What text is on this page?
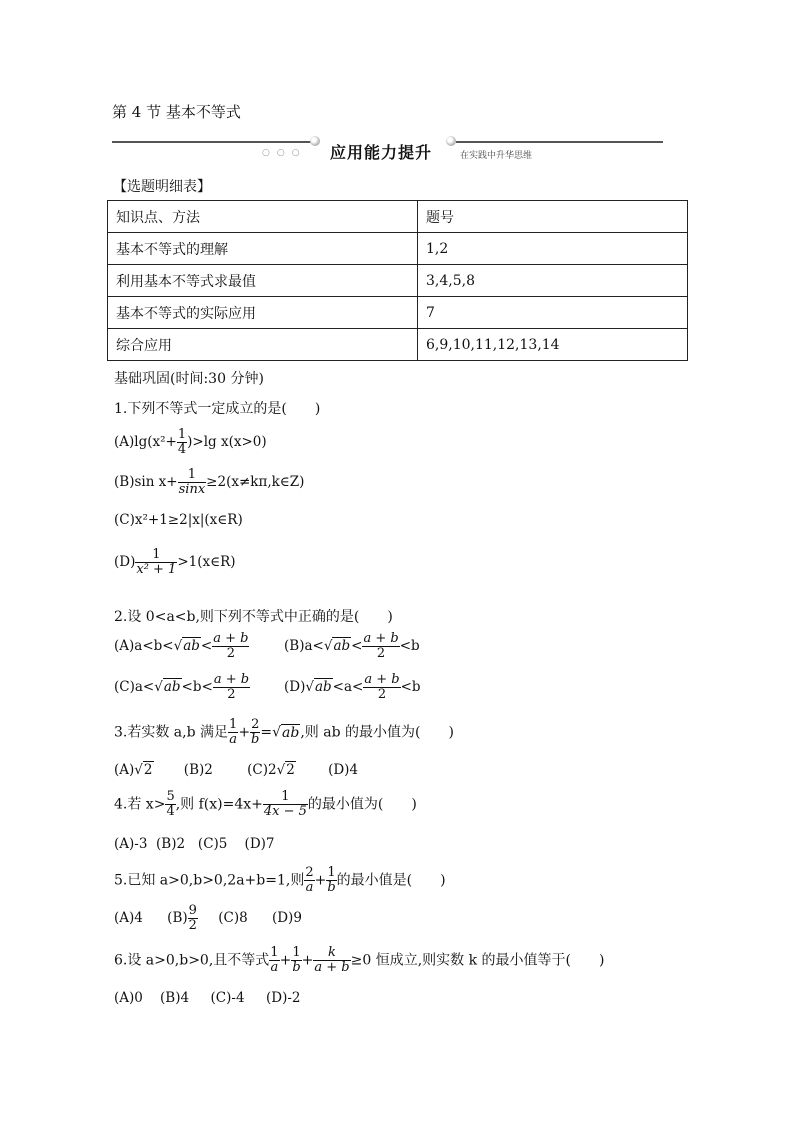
第 4 节 基本不等式
○○○ 应用能力提升	在实践中升华思维
【选题明细表】
知识点、方法	题号
基本不等式的理解	1,2
利用基本不等式求最值	3,4,5,8
基本不等式的实际应用	7
综合应用	6,9,10,11,12,13,14
基础巩固(时间:30 分钟)
1.下列不等式一定成立的是(　　)
$(A)\lg(x^2+ \frac{1}{4} )>\lg$ x(x>0)
(B)sin $x+ \frac{1}{\sin x}$ ≥2(x≠kπ,k∈Z)
(C)x²+1≥2|x|(x∈R)
$(D) \frac{1}{\text{x² + 1}}$ >1(x∈R)
2.设 0<a<b,则下列不等式中正确的是(　　)
$(A)a<b<√ab< \frac{a + b}{2}$	$(B)a<√ab< \frac{a + b}{2} <b$
$(C)a<√ab<b< \frac{a + b}{2}$	$(D)√ab<a< \frac{a + b}{2} <b$
3.若实数 a,b 满足 $\frac{1}{a} + \frac{2}{b} =√ab$,则 ab 的最小值为(　　)
(A)√2 (B)2	(C)2√2 (D)4
4.若 $x> \frac{5}{4}$ ,则 $f(x)=4x+ \frac{1}{4x - 5}$ 的最小值为(　　)
(A)-3  (B)2   (C)5    (D)7
5.已知 a>0,b>0,2a+b=1,则 $\frac{2}{a} + \frac{1}{b}$ 的最小值是(　　)
(A)4 $(B) \frac{9}{2} (C)8$ (D)9
6.设 a>0,b>0,且不等式 $\frac{1}{a} + \frac{1}{b} + \frac{k}{a + b} \ge 0$ 恒成立,则实数 k 的最小值等于(　　)
(A)0    (B)4     (C)-4     (D)-2
